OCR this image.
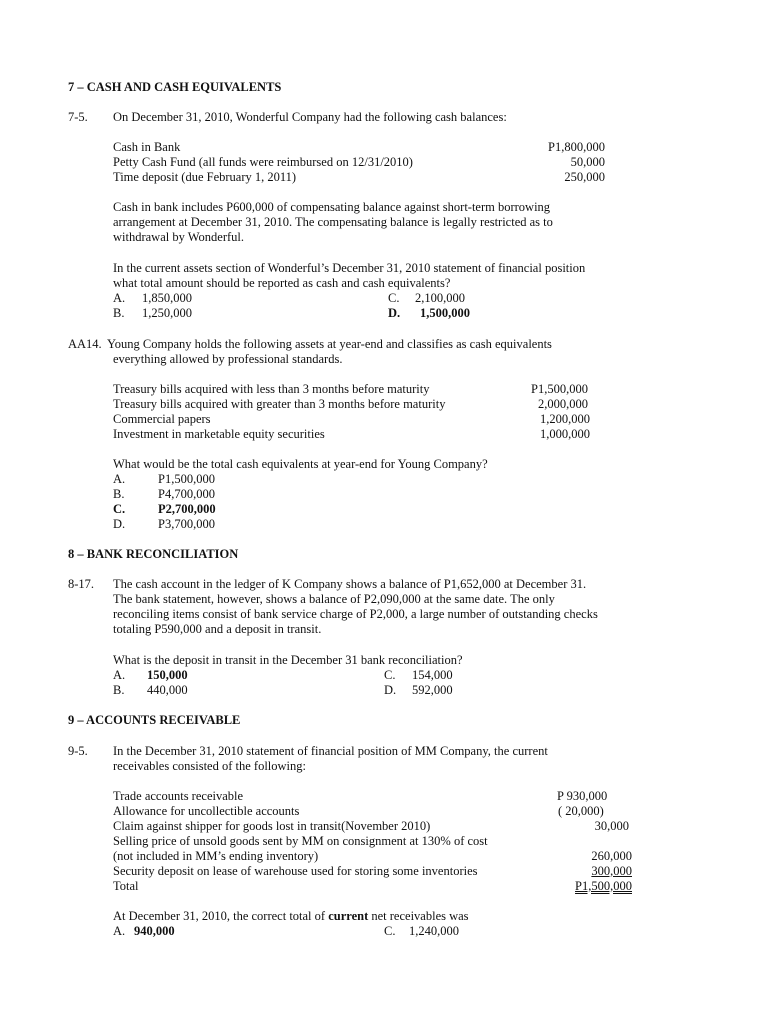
7 – CASH AND CASH EQUIVALENTS
7-5. On December 31, 2010, Wonderful Company had the following cash balances:
Cash in Bank	P1,800,000
Petty Cash Fund (all funds were reimbursed on 12/31/2010)	50,000
Time deposit (due February 1, 2011)	250,000
Cash in bank includes P600,000 of compensating balance against short-term borrowing
arrangement at December 31, 2010. The compensating balance is legally restricted as to
withdrawal by Wonderful.
In the current assets section of Wonderful’s December 31, 2010 statement of financial position
what total amount should be reported as cash and cash equivalents?
A. 1,850,000	C. 2,100,000
B. 1,250,000	D. 1,500,000
AA14. Young Company holds the following assets at year-end and classifies as cash equivalents
everything allowed by professional standards.
Treasury bills acquired with less than 3 months before maturity	P1,500,000
Treasury bills acquired with greater than 3 months before maturity	2,000,000
Commercial papers	1,200,000
Investment in marketable equity securities	1,000,000
What would be the total cash equivalents at year-end for Young Company?
A.	P1,500,000
B.	P4,700,000
C.	P2,700,000
D.	P3,700,000
8 – BANK RECONCILIATION
8-17. The cash account in the ledger of K Company shows a balance of P1,652,000 at December 31.
The bank statement, however, shows a balance of P2,090,000 at the same date. The only
reconciling items consist of bank service charge of P2,000, a large number of outstanding checks
totaling P590,000 and a deposit in transit.
What is the deposit in transit in the December 31 bank reconciliation?
A. 150,000	C. 154,000
B. 440,000	D. 592,000
9 – ACCOUNTS RECEIVABLE
9-5. In the December 31, 2010 statement of financial position of MM Company, the current
receivables consisted of the following:
Trade accounts receivable	P 930,000
Allowance for uncollectible accounts	( 20,000)
Claim against shipper for goods lost in transit(November 2010)	30,000
Selling price of unsold goods sent by MM on consignment at 130% of cost
(not included in MM’s ending inventory)	260,000
Security deposit on lease of warehouse used for storing some inventories	300,000
Total	P1,500,000
At December 31, 2010, the correct total of current net receivables was
A. 940,000	C. 1,240,000
